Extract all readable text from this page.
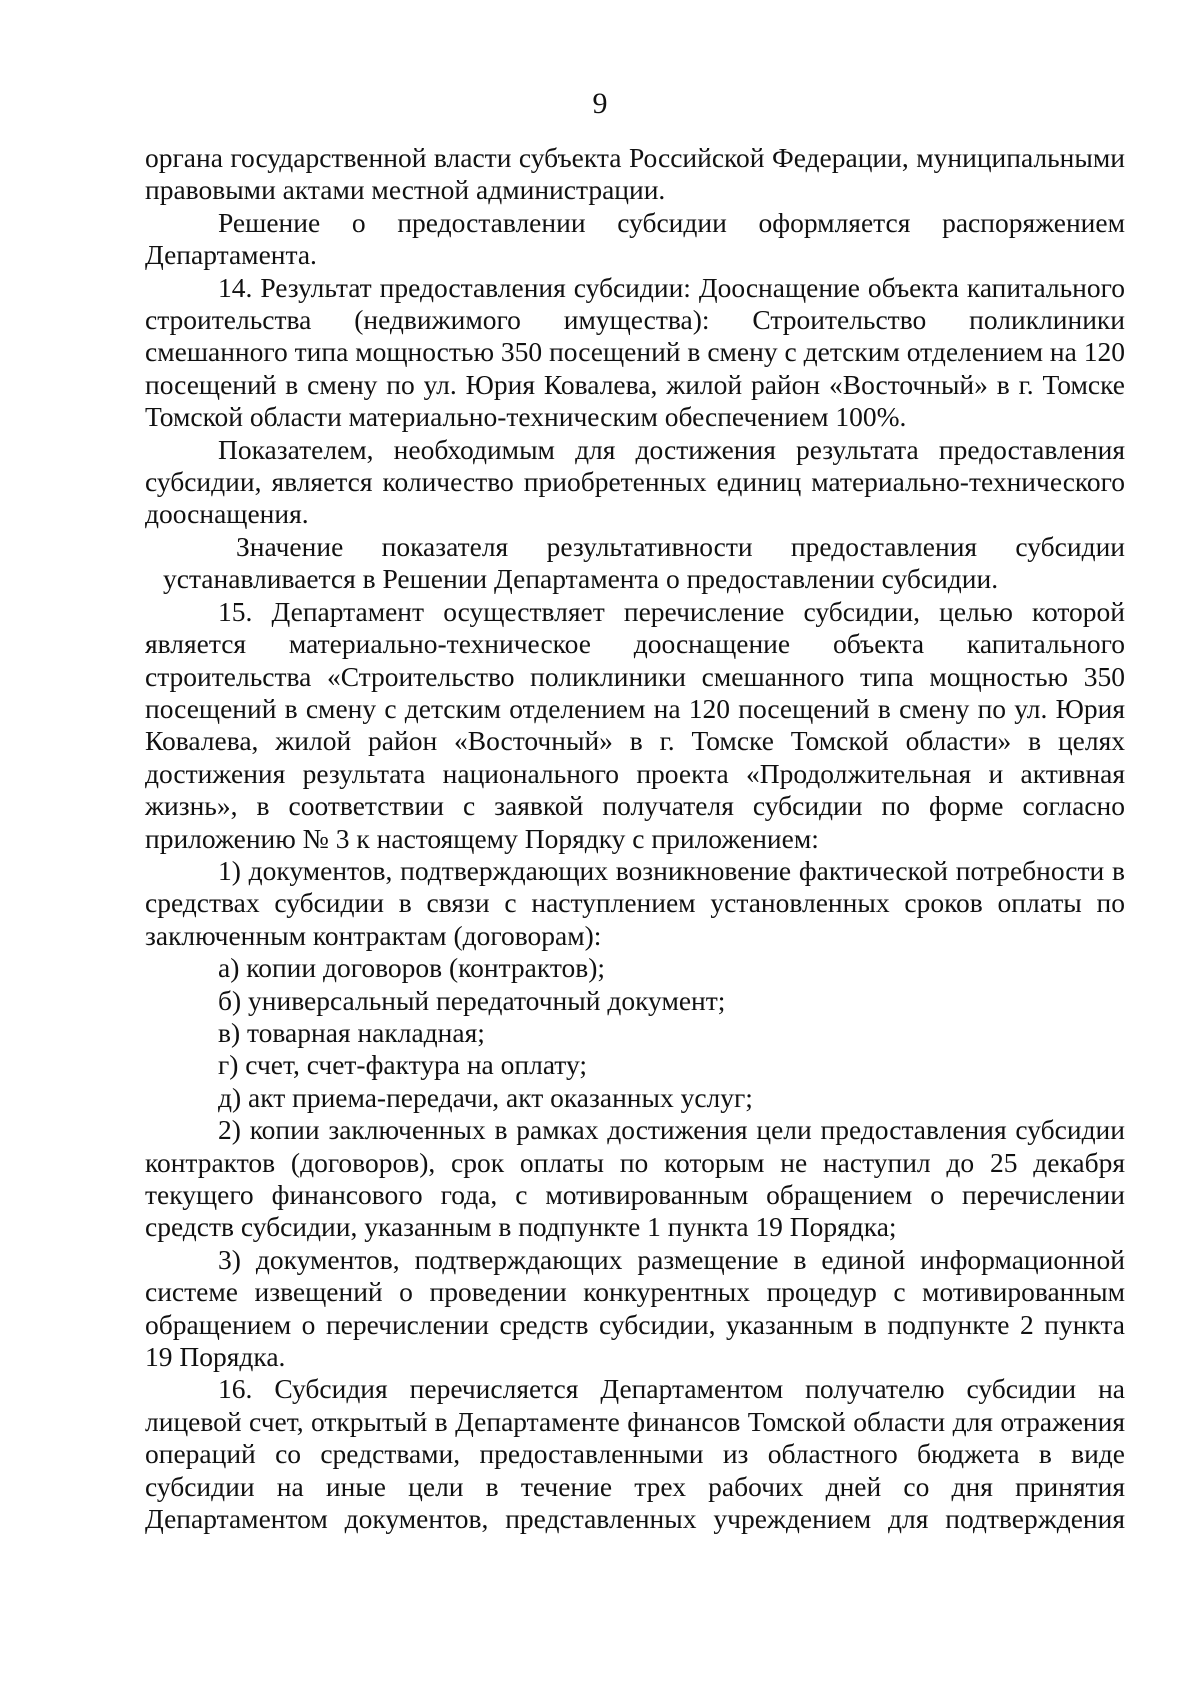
9

органа государственной власти субъекта Российской Федерации, муниципальными правовыми актами местной администрации.

Решение о предоставлении субсидии оформляется распоряжением Департамента.

14. Результат предоставления субсидии: Дооснащение объекта капитального строительства (недвижимого имущества): Строительство поликлиники смешанного типа мощностью 350 посещений в смену с детским отделением на 120 посещений в смену по ул. Юрия Ковалева, жилой район «Восточный» в г. Томске Томской области материально-техническим обеспечением 100%.

Показателем, необходимым для достижения результата предоставления субсидии, является количество приобретенных единиц материально-технического дооснащения.

Значение показателя результативности предоставления субсидии

устанавливается в Решении Департамента о предоставлении субсидии.

15. Департамент осуществляет перечисление субсидии, целью которой является материально-техническое дооснащение объекта капитального строительства «Строительство поликлиники смешанного типа мощностью 350 посещений в смену с детским отделением на 120 посещений в смену по ул. Юрия Ковалева, жилой район «Восточный» в г. Томске Томской области» в целях достижения результата национального проекта «Продолжительная и активная жизнь», в соответствии с заявкой получателя субсидии по форме согласно приложению № 3 к настоящему Порядку с приложением:

1) документов, подтверждающих возникновение фактической потребности в средствах субсидии в связи с наступлением установленных сроков оплаты по заключенным контрактам (договорам):

а) копии договоров (контрактов);

б) универсальный передаточный документ;

в) товарная накладная;

г) счет, счет-фактура на оплату;

д) акт приема-передачи, акт оказанных услуг;

2) копии заключенных в рамках достижения цели предоставления субсидии контрактов (договоров), срок оплаты по которым не наступил до 25 декабря текущего финансового года, с мотивированным обращением о перечислении средств субсидии, указанным в подпункте 1 пункта 19 Порядка;

3) документов, подтверждающих размещение в единой информационной системе извещений о проведении конкурентных процедур с мотивированным обращением о перечислении средств субсидии, указанным в подпункте 2 пункта 19 Порядка.

16. Субсидия перечисляется Департаментом получателю субсидии на лицевой счет, открытый в Департаменте финансов Томской области для отражения операций со средствами, предоставленными из областного бюджета в виде субсидии на иные цели в течение трех рабочих дней со дня принятия Департаментом документов, представленных учреждением для подтверждения
